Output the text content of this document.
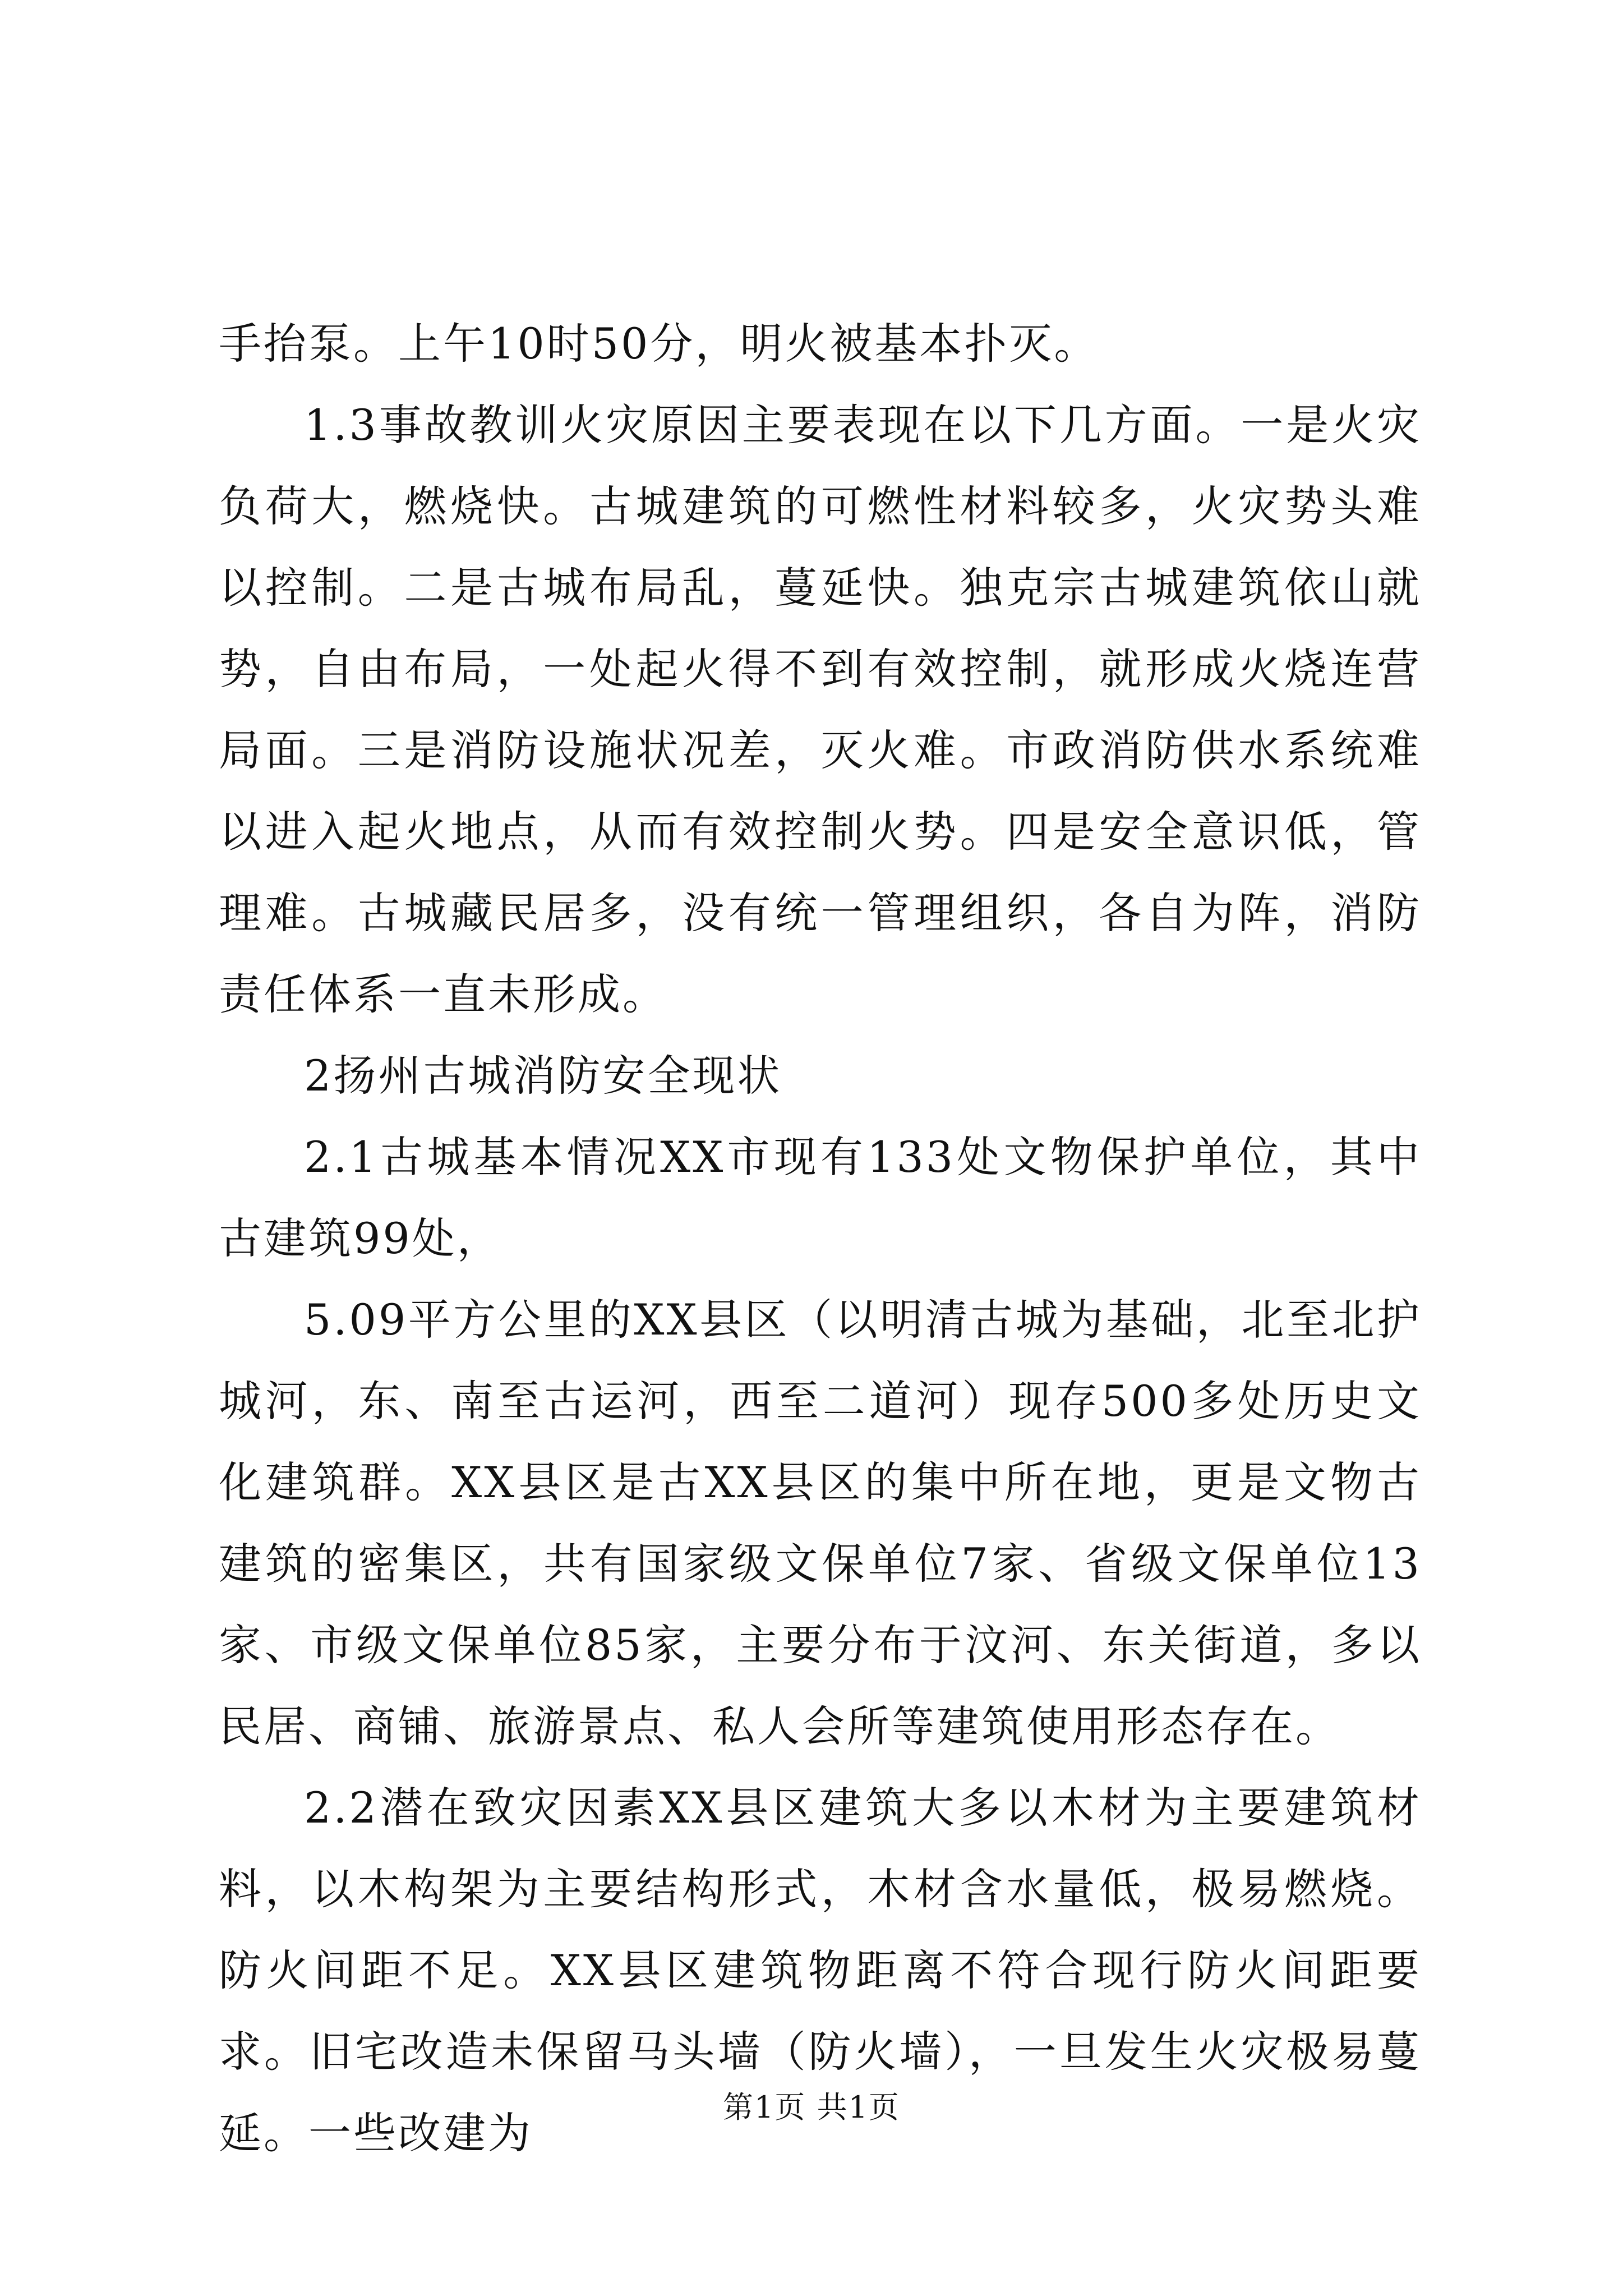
手抬泵。上午10时50分，明火被基本扑灭。

1.3事故教训火灾原因主要表现在以下几方面。一是火灾负荷大，燃烧快。古城建筑的可燃性材料较多，火灾势头难以控制。二是古城布局乱，蔓延快。独克宗古城建筑依山就势，自由布局，一处起火得不到有效控制，就形成火烧连营局面。三是消防设施状况差，灭火难。市政消防供水系统难以进入起火地点，从而有效控制火势。四是安全意识低，管理难。古城藏民居多，没有统一管理组织，各自为阵，消防责任体系一直未形成。

2扬州古城消防安全现状

2.1古城基本情况XX市现有133处文物保护单位，其中古建筑99处，

5.09平方公里的XX县区（以明清古城为基础，北至北护城河，东、南至古运河，西至二道河）现存500多处历史文化建筑群。XX县区是古XX县区的集中所在地，更是文物古建筑的密集区，共有国家级文保单位7家、省级文保单位13家、市级文保单位85家，主要分布于汶河、东关街道，多以民居、商铺、旅游景点、私人会所等建筑使用形态存在。

2.2潜在致灾因素XX县区建筑大多以木材为主要建筑材料，以木构架为主要结构形式，木材含水量低，极易燃烧。防火间距不足。XX县区建筑物距离不符合现行防火间距要求。旧宅改造未保留马头墙（防火墙），一旦发生火灾极易蔓延。一些改建为

第1页 共1页
